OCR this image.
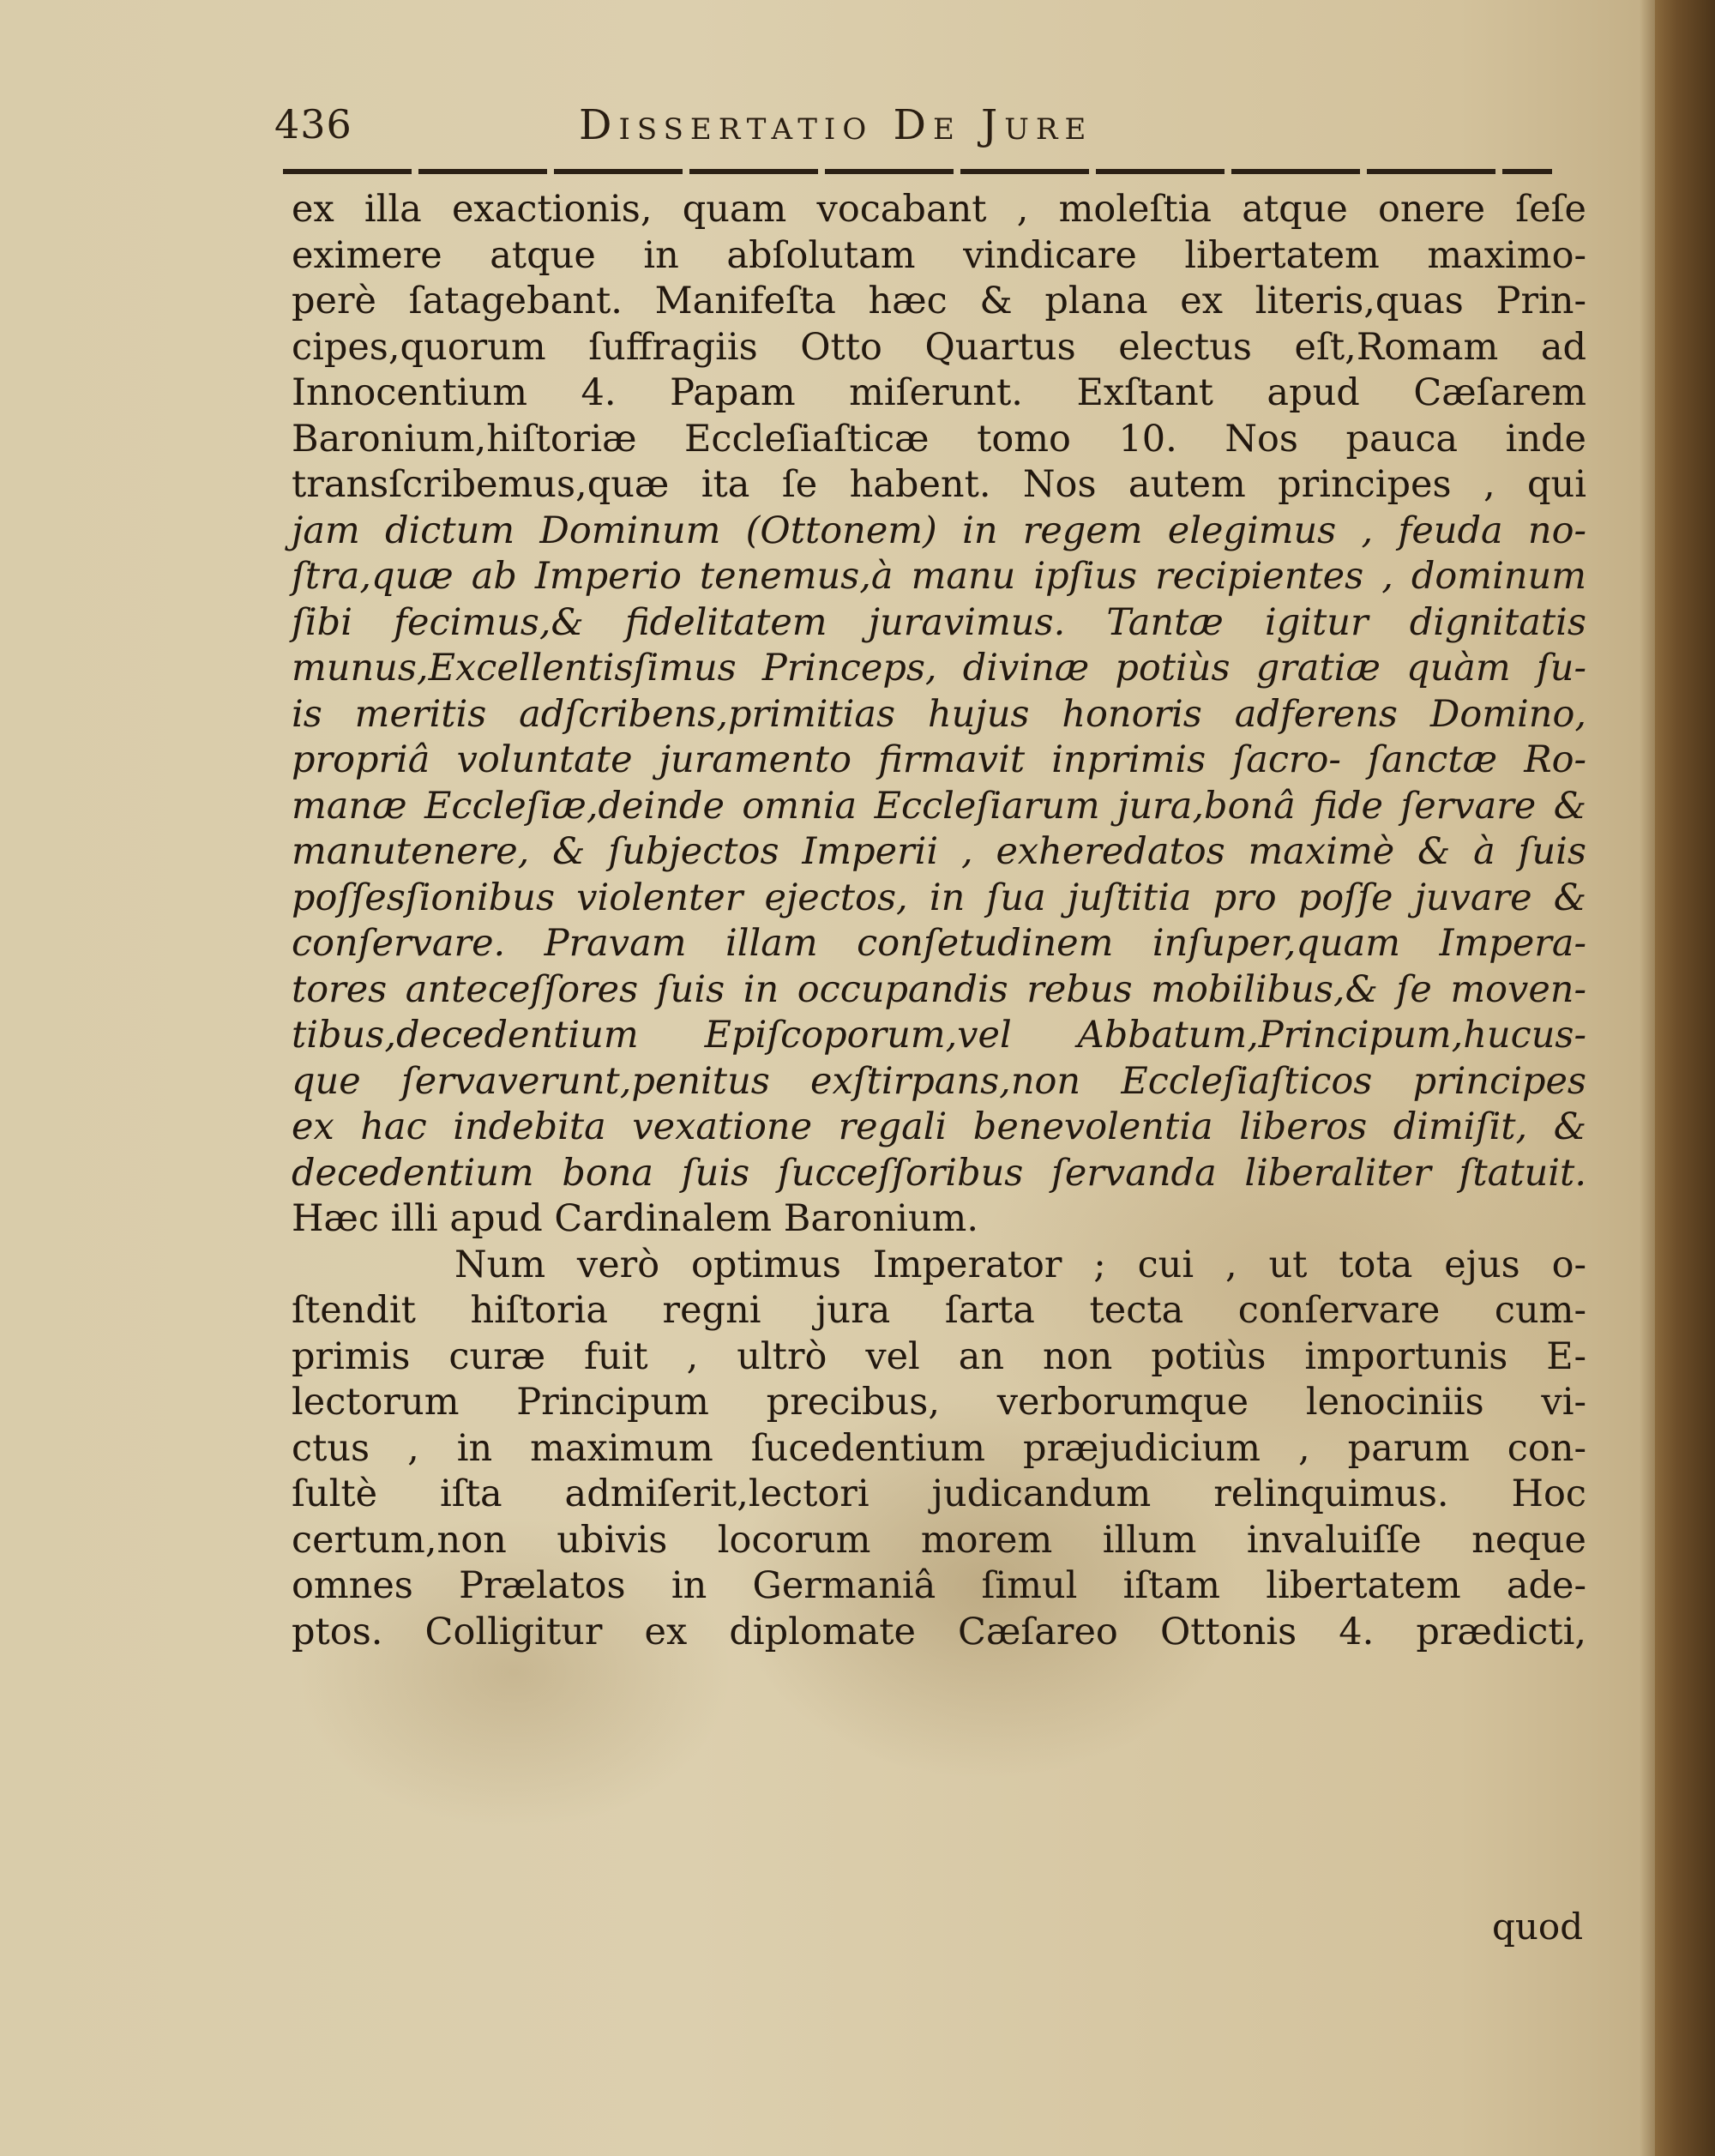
436	Dissertatio De Jure
ex illa exactionis, quam vocabant , moleſtia atque onere ſeſe
eximere atque in abſolutam vindicare libertatem maximo-
perè ſatagebant. Manifeſta hæc & plana ex literis,quas Prin-
cipes,quorum ſuffragiis Otto Quartus electus eſt,Romam ad
Innocentium 4. Papam miſerunt. Exſtant apud Cæſarem
Baronium,hiſtoriæ Eccleſiaſticæ tomo 10. Nos pauca inde
transſcribemus,quæ ita ſe habent. Nos autem principes , qui
jam dictum Dominum (Ottonem) in regem elegimus , feuda no-
ſtra,quæ ab Imperio tenemus,à manu ipſius recipientes , dominum
ſibi fecimus,& fidelitatem juravimus. Tantæ igitur dignitatis
munus,Excellentisſimus Princeps, divinæ potiùs gratiæ quàm ſu-
is meritis adſcribens,primitias hujus honoris adferens Domino,
propriâ voluntate juramento firmavit inprimis ſacro- ſanctæ Ro-
manæ Eccleſiæ,deinde omnia Eccleſiarum jura,bonâ fide ſervare &
manutenere, & ſubjectos Imperii , exheredatos maximè & à ſuis
poſſesſionibus violenter ejectos, in ſua juſtitia pro poſſe juvare &
conſervare. Pravam illam conſetudinem inſuper,quam Impera-
tores anteceſſores ſuis in occupandis rebus mobilibus,& ſe moven-
tibus,decedentium Epiſcoporum,vel Abbatum,Principum,hucus-
que ſervaverunt,penitus exſtirpans,non Eccleſiaſticos principes
ex hac indebita vexatione regali benevolentia liberos dimiſit, &
decedentium bona ſuis ſucceſſoribus ſervanda liberaliter ſtatuit.
Hæc illi apud Cardinalem Baronium.
Num verò optimus Imperator ; cui , ut tota ejus o-
ſtendit hiſtoria regni jura ſarta tecta conſervare cum-
primis curæ fuit , ultrò vel an non potiùs importunis E-
lectorum Principum precibus, verborumque lenociniis vi-
ctus , in maximum ſucedentium præjudicium , parum con-
ſultè iſta admiſerit,lectori judicandum relinquimus. Hoc
certum,non ubivis locorum morem illum invaluiſſe neque
omnes Prælatos in Germaniâ ſimul iſtam libertatem ade-
ptos. Colligitur ex diplomate Cæſareo Ottonis 4. prædicti,
quod
